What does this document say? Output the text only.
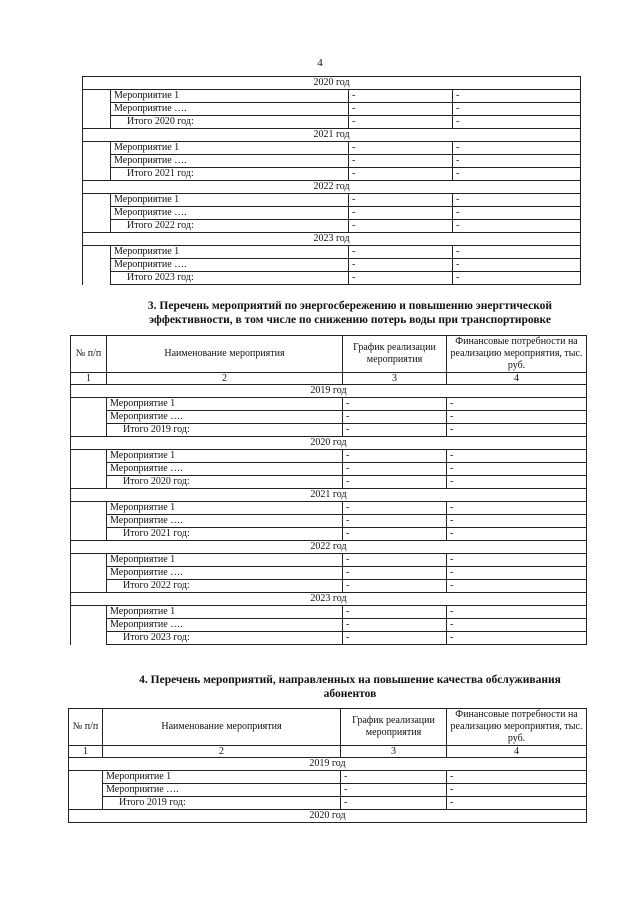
4
2020 год			
	Мероприятие 1	-	-
	Мероприятие ….	-	-
	Итого 2020 год:	-	-
2021 год			
	Мероприятие 1	-	-
	Мероприятие ….	-	-
	Итого 2021 год:	-	-
2022 год			
	Мероприятие 1	-	-
	Мероприятие ….	-	-
	Итого 2022 год:	-	-
2023 год			
	Мероприятие 1	-	-
	Мероприятие ….	-	-
	Итого 2023 год:	-	-
3. Перечень мероприятий по энергосбережению и повышению энергтической эффективности, в том числе по снижению потерь воды при транспортировке
№ п/п	Наименование мероприятия	График реализации мероприятия	Финансовые потребности на реализацию мероприятия, тыс. руб.
1	2	3	4
2019 год			
	Мероприятие 1	-	-
	Мероприятие ….	-	-
	Итого 2019 год:	-	-
2020 год			
	Мероприятие 1	-	-
	Мероприятие ….	-	-
	Итого 2020 год:	-	-
2021 год			
	Мероприятие 1	-	-
	Мероприятие ….	-	-
	Итого 2021 год:	-	-
2022 год			
	Мероприятие 1	-	-
	Мероприятие ….	-	-
	Итого 2022 год:	-	-
2023 год			
	Мероприятие 1	-	-
	Мероприятие ….	-	-
	Итого 2023 год:	-	-
4. Перечень мероприятий, направленных на повышение качества обслуживания абонентов
№ п/п	Наименование мероприятия	График реализации мероприятия	Финансовые потребности на реализацию мероприятия, тыс. руб.
1	2	3	4
2019 год			
	Мероприятие 1	-	-
	Мероприятие ….	-	-
	Итого 2019 год:	-	-
2020 год			
